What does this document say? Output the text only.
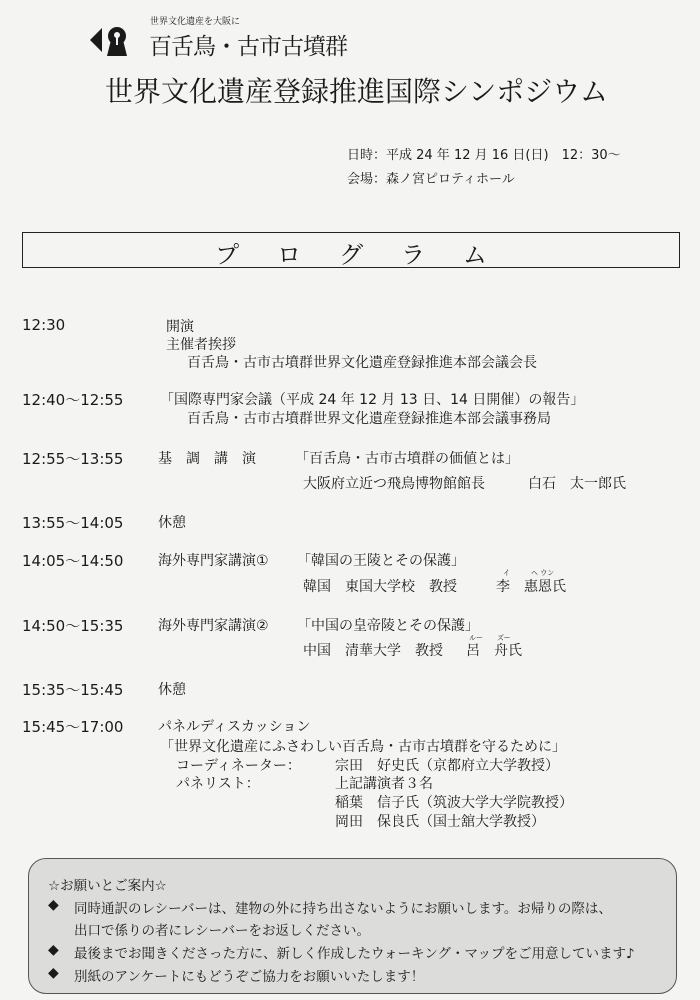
世界文化遺産を大阪に
百舌鳥・古市古墳群
世界文化遺産登録推進国際シンポジウム
日時：平成 24 年 12 月 16 日(日)　12：30〜
会場：森ノ宮ピロティホール
プログラム
12:30	開演
主催者挨拶
百舌鳥・古市古墳群世界文化遺産登録推進本部会議会長
12:40〜12:55	「国際専門家会議（平成 24 年 12 月 13 日、14 日開催）の報告」
百舌鳥・古市古墳群世界文化遺産登録推進本部会議事務局
12:55〜13:55 基　調　講　演	「百舌鳥・古市古墳群の価値とは」
大阪府立近つ飛鳥博物館館長	白石　太一郎氏
13:55〜14:05 休憩
14:05〜14:50 海外専門家講演① 「韓国の王陵とその保護」
イ	ヘ ウン
韓国　東国大学校　教授	李　惠恩氏
14:50〜15:35 海外専門家講演② 「中国の皇帝陵とその保護」
ルー ズー
中国　清華大学　教授 呂　舟氏
15:35〜15:45 休憩
15:45〜17:00 パネルディスカッション
「世界文化遺産にふさわしい百舌鳥・古市古墳群を守るために」
コーディネーター： 宗田　好史氏（京都府立大学教授）
パネリスト：	上記講演者３名
稲葉　信子氏（筑波大学大学院教授）
岡田　保良氏（国士舘大学教授）
☆お願いとご案内☆
◆ 同時通訳のレシーバーは、建物の外に持ち出さないようにお願いします。お帰りの際は、
出口で係りの者にレシーバーをお返しください。
◆ 最後までお聞きくださった方に、新しく作成したウォーキング・マップをご用意しています♪
◆ 別紙のアンケートにもどうぞご協力をお願いいたします！
